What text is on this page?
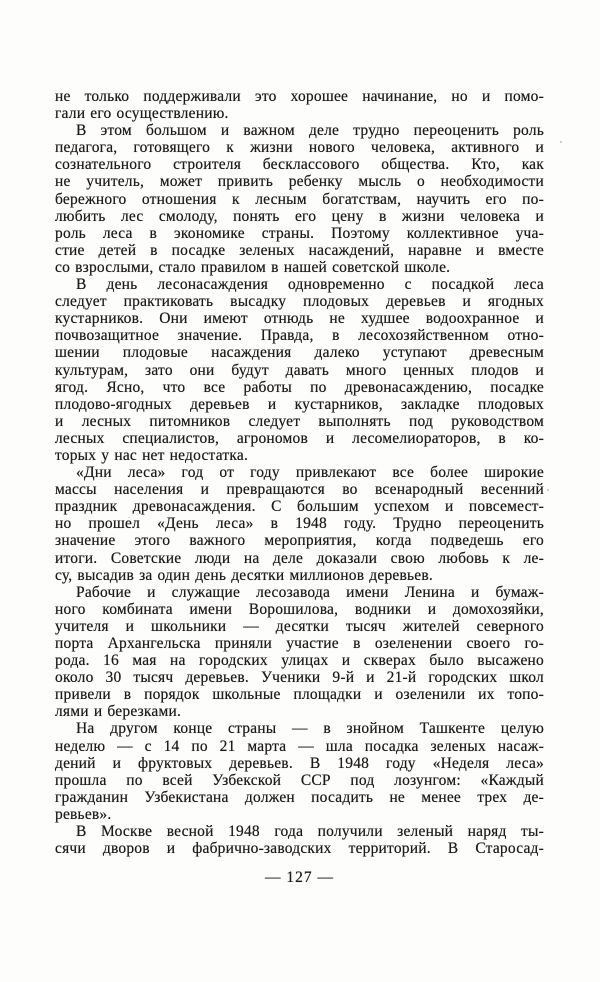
не только поддерживали это хорошее начинание, но и помо-
гали его осуществлению.
В этом большом и важном деле трудно переоценить роль
педагога, готовящего к жизни нового человека, активного и
сознательного строителя бесклассового общества. Кто, как
не учитель, может привить ребенку мысль о необходимости
бережного отношения к лесным богатствам, научить его по-
любить лес смолоду, понять его цену в жизни человека и
роль леса в экономике страны. Поэтому коллективное уча-
стие детей в посадке зеленых насаждений, наравне и вместе
со взрослыми, стало правилом в нашей советской школе.
В день лесонасаждения одновременно с посадкой леса
следует практиковать высадку плодовых деревьев и ягодных
кустарников. Они имеют отнюдь не худшее водоохранное и
почвозащитное значение. Правда, в лесохозяйственном отно-
шении плодовые насаждения далеко уступают древесным
культурам, зато они будут давать много ценных плодов и
ягод. Ясно, что все работы по древонасаждению, посадке
плодово-ягодных деревьев и кустарников, закладке плодовых
и лесных питомников следует выполнять под руководством
лесных специалистов, агрономов и лесомелиораторов, в ко-
торых у нас нет недостатка.
«Дни леса» год от году привлекают все более широкие
массы населения и превращаются во всенародный весенний
праздник древонасаждения. С большим успехом и повсемест-
но прошел «День леса» в 1948 году. Трудно переоценить
значение этого важного мероприятия, когда подведешь его
итоги. Советские люди на деле доказали свою любовь к ле-
су, высадив за один день десятки миллионов деревьев.
Рабочие и служащие лесозавода имени Ленина и бумаж-
ного комбината имени Ворошилова, водники и домохозяйки,
учителя и школьники — десятки тысяч жителей северного
порта Архангельска приняли участие в озеленении своего го-
рода. 16 мая на городских улицах и скверах было высажено
около 30 тысяч деревьев. Ученики 9-й и 21-й городских школ
привели в порядок школьные площадки и озеленили их топо-
лями и березками.
На другом конце страны — в знойном Ташкенте целую
неделю — с 14 по 21 марта — шла посадка зеленых насаж-
дений и фруктовых деревьев. В 1948 году «Неделя леса»
прошла по всей Узбекской ССР под лозунгом: «Каждый
гражданин Узбекистана должен посадить не менее трех де-
ревьев».
В Москве весной 1948 года получили зеленый наряд ты-
сячи дворов и фабрично-заводских территорий. В Старосад-
— 127 —
